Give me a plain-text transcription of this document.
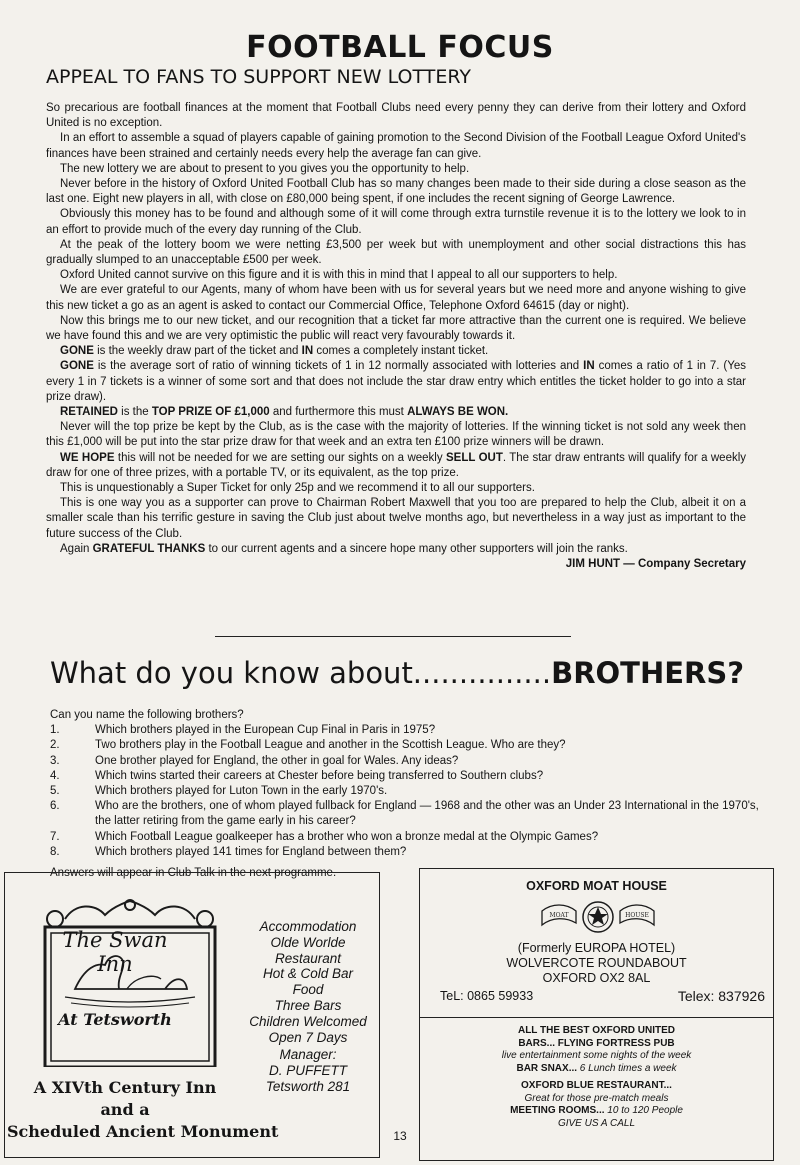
FOOTBALL FOCUS
APPEAL TO FANS TO SUPPORT NEW LOTTERY

So precarious are football finances at the moment that Football Clubs need every penny they can derive from their lottery and Oxford United is no exception.

In an effort to assemble a squad of players capable of gaining promotion to the Second Division of the Football League Oxford United's finances have been strained and certainly needs every help the average fan can give.

The new lottery we are about to present to you gives you the opportunity to help.

Never before in the history of Oxford United Football Club has so many changes been made to their side during a close season as the last one. Eight new players in all, with close on £80,000 being spent, if one includes the recent signing of George Lawrence.

Obviously this money has to be found and although some of it will come through extra turnstile revenue it is to the lottery we look to in an effort to provide much of the every day running of the Club.

At the peak of the lottery boom we were netting £3,500 per week but with unemployment and other social distractions this has gradually slumped to an unacceptable £500 per week.

Oxford United cannot survive on this figure and it is with this in mind that I appeal to all our supporters to help.

We are ever grateful to our Agents, many of whom have been with us for several years but we need more and anyone wishing to give this new ticket a go as an agent is asked to contact our Commercial Office, Telephone Oxford 64615 (day or night).

Now this brings me to our new ticket, and our recognition that a ticket far more attractive than the current one is required. We believe we have found this and we are very optimistic the public will react very favourably towards it.

GONE is the weekly draw part of the ticket and IN comes a completely instant ticket.

GONE is the average sort of ratio of winning tickets of 1 in 12 normally associated with lotteries and IN comes a ratio of 1 in 7. (Yes every 1 in 7 tickets is a winner of some sort and that does not include the star draw entry which entitles the ticket holder to go into a star prize draw).

RETAINED is the TOP PRIZE OF £1,000 and furthermore this must ALWAYS BE WON.

Never will the top prize be kept by the Club, as is the case with the majority of lotteries. If the winning ticket is not sold any week then this £1,000 will be put into the star prize draw for that week and an extra ten £100 prize winners will be drawn.

WE HOPE this will not be needed for we are setting our sights on a weekly SELL OUT. The star draw entrants will qualify for a weekly draw for one of three prizes, with a portable TV, or its equivalent, as the top prize.

This is unquestionably a Super Ticket for only 25p and we recommend it to all our supporters.

This is one way you as a supporter can prove to Chairman Robert Maxwell that you too are prepared to help the Club, albeit it on a smaller scale than his terrific gesture in saving the Club just about twelve months ago, but nevertheless in a way just as important to the future success of the Club.

Again GRATEFUL THANKS to our current agents and a sincere hope many other supporters will join the ranks.

JIM HUNT — Company Secretary

What do you know about...............BROTHERS?
Can you name the following brothers?
1.	Which brothers played in the European Cup Final in Paris in 1975?
2.	Two brothers play in the Football League and another in the Scottish League. Who are they?
3.	One brother played for England, the other in goal for Wales. Any ideas?
4.	Which twins started their careers at Chester before being transferred to Southern clubs?
5.	Which brothers played for Luton Town in the early 1970's.
6.	Who are the brothers, one of whom played fullback for England — 1968 and the other was an Under 23 International in the 1970's, the latter retiring from the game early in his career?
7.	Which Football League goalkeeper has a brother who won a bronze medal at the Olympic Games?
8.	Which brothers played 141 times for England between them?
Answers will appear in Club Talk in the next programme.
The Swan Inn
At Tetsworth
A XIVth Century Inn
and a
Scheduled Ancient Monument
Accommodation
Olde Worlde
Restaurant
Hot & Cold Bar
Food
Three Bars
Children Welcomed
Open 7 Days
Manager:
D. PUFFETT
Tetsworth 281
13
OXFORD MOAT HOUSE
MOAT	HOUSE
(Formerly EUROPA HOTEL)
WOLVERCOTE ROUNDABOUT
OXFORD OX2 8AL
TeL: 0865 59933	Telex: 837926
ALL THE BEST OXFORD UNITED
BARS... FLYING FORTRESS PUB
live entertainment some nights of the week
BAR SNAX... 6 Lunch times a week
OXFORD BLUE RESTAURANT...
Great for those pre-match meals
MEETING ROOMS... 10 to 120 People
GIVE US A CALL
